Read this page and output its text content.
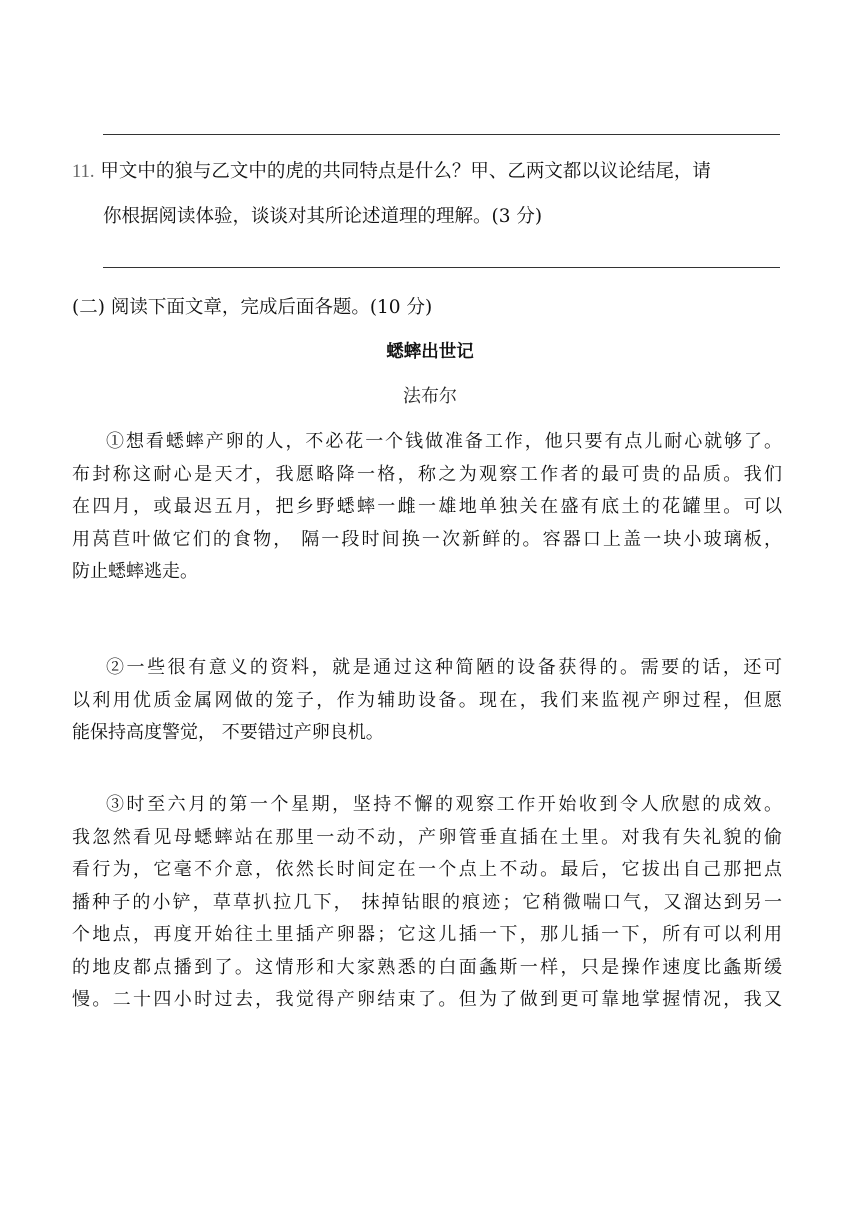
11. 甲文中的狼与乙文中的虎的共同特点是什么？甲、乙两文都以议论结尾，请
你根据阅读体验，谈谈对其所论述道理的理解。(3 分)
(二) 阅读下面文章，完成后面各题。(10 分)
蟋蟀出世记
法布尔
①想看蟋蟀产卵的人，不必花一个钱做准备工作，他只要有点儿耐心就够了。
布封称这耐心是天才，我愿略降一格，称之为观察工作者的最可贵的品质。我们
在四月，或最迟五月，把乡野蟋蟀一雌一雄地单独关在盛有底土的花罐里。可以
用莴苣叶做它们的食物， 隔一段时间换一次新鲜的。容器口上盖一块小玻璃板，
防止蟋蟀逃走。
②一些很有意义的资料，就是通过这种简陋的设备获得的。需要的话，还可
以利用优质金属网做的笼子，作为辅助设备。现在，我们来监视产卵过程，但愿
能保持高度警觉， 不要错过产卵良机。
③时至六月的第一个星期，坚持不懈的观察工作开始收到令人欣慰的成效。
我忽然看见母蟋蟀站在那里一动不动，产卵管垂直插在土里。对我有失礼貌的偷
看行为，它毫不介意，依然长时间定在一个点上不动。最后，它拔出自己那把点
播种子的小铲，草草扒拉几下， 抹掉钻眼的痕迹；它稍微喘口气，又溜达到另一
个地点，再度开始往土里插产卵器；它这儿插一下，那儿插一下，所有可以利用
的地皮都点播到了。这情形和大家熟悉的白面螽斯一样，只是操作速度比螽斯缓
慢。二十四小时过去，我觉得产卵结束了。但为了做到更可靠地掌握情况，我又
